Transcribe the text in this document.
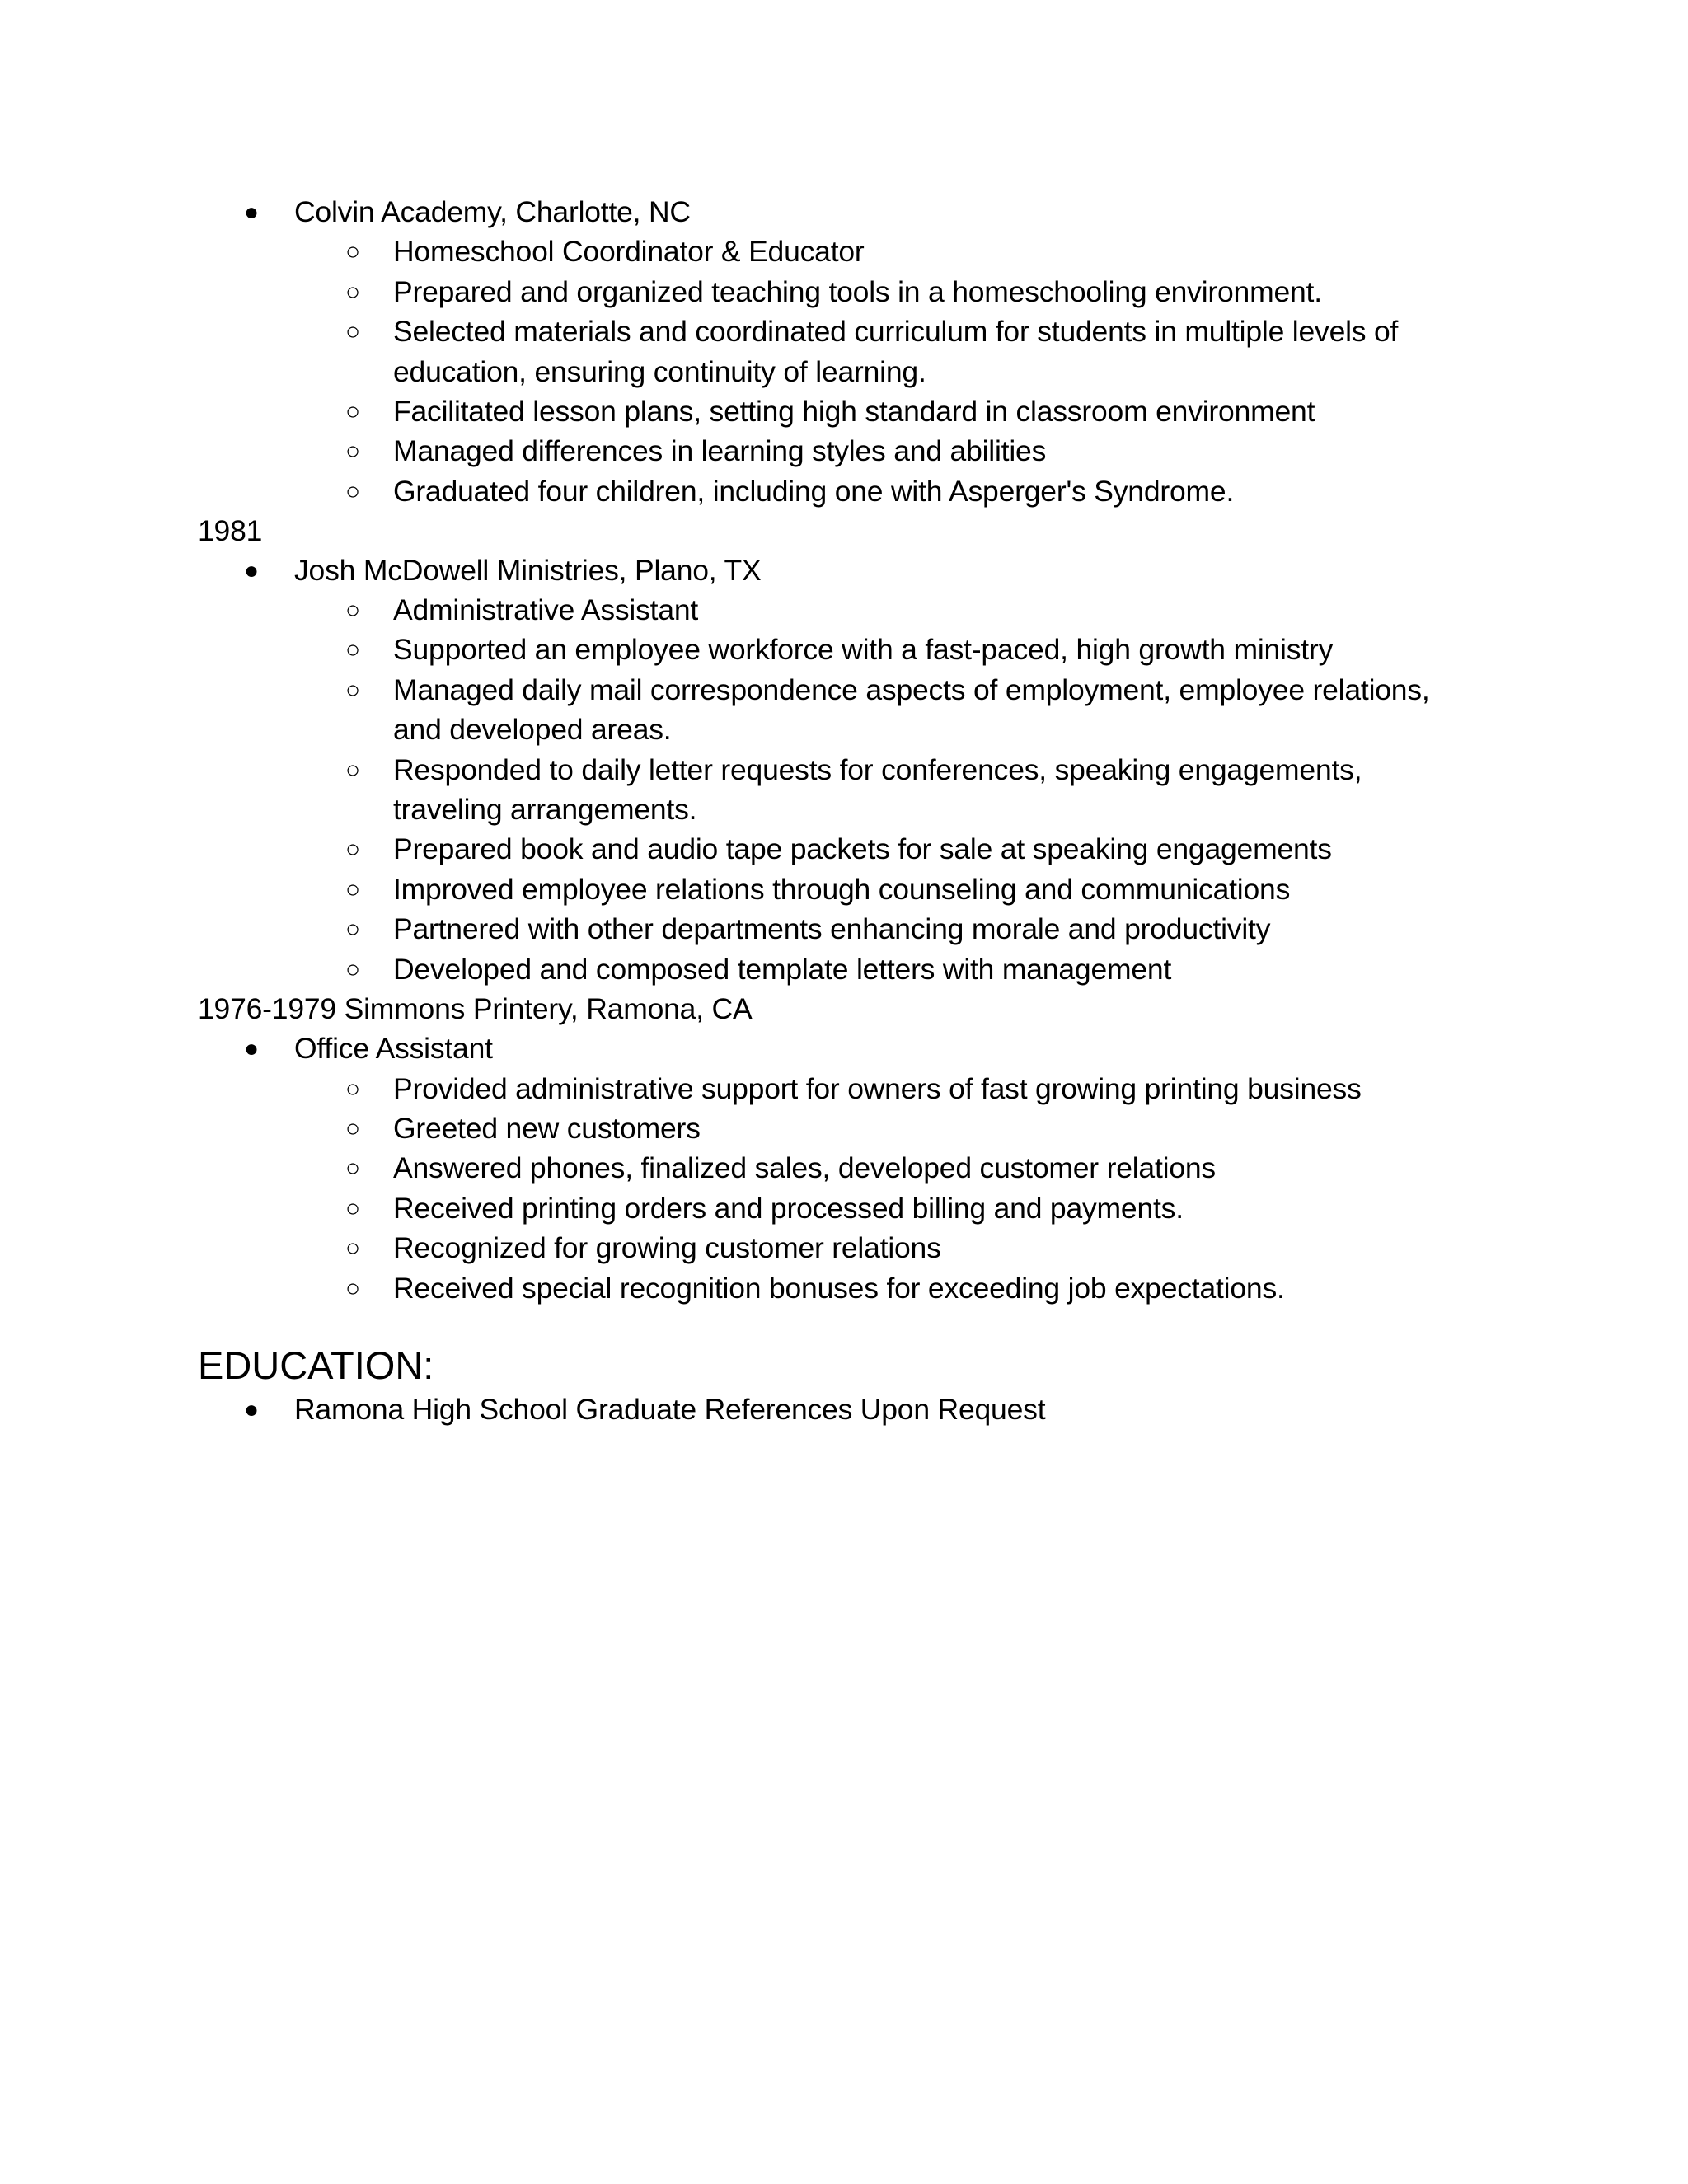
● Colvin Academy, Charlotte, NC
○ Homeschool Coordinator & Educator
○ Prepared and organized teaching tools in a homeschooling environment.
○ Selected materials and coordinated curriculum for students in multiple levels of
education, ensuring continuity of learning.
○ Facilitated lesson plans, setting high standard in classroom environment
○ Managed differences in learning styles and abilities
○ Graduated four children, including one with Asperger's Syndrome.
1981
● Josh McDowell Ministries, Plano, TX
○ Administrative Assistant
○ Supported an employee workforce with a fast-paced, high growth ministry
○ Managed daily mail correspondence aspects of employment, employee relations,
and developed areas.
○ Responded to daily letter requests for conferences, speaking engagements,
traveling arrangements.
○ Prepared book and audio tape packets for sale at speaking engagements
○ Improved employee relations through counseling and communications
○ Partnered with other departments enhancing morale and productivity
○ Developed and composed template letters with management
1976-1979 Simmons Printery, Ramona, CA
● Office Assistant
○ Provided administrative support for owners of fast growing printing business
○ Greeted new customers
○ Answered phones, finalized sales, developed customer relations
○ Received printing orders and processed billing and payments.
○ Recognized for growing customer relations
○ Received special recognition bonuses for exceeding job expectations.
EDUCATION:
● Ramona High School Graduate References Upon Request
